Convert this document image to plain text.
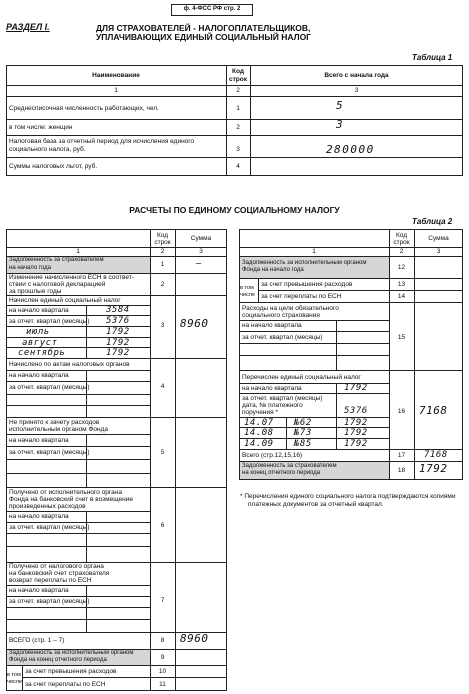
ф. 4-ФСС РФ стр. 2
РАЗДЕЛ I.	ДЛЯ СТРАХОВАТЕЛЕЙ - НАЛОГОПЛАТЕЛЬЩИКОВ,
УПЛАЧИВАЮЩИХ ЕДИНЫЙ СОЦИАЛЬНЫЙ НАЛОГ
Таблица 1
Наименование
Код
строк
Всего с начала года
1	2	3
Среднесписочная численность работающих, чел.	1	5
в том числе: женщин	2	3
Налоговая база за отчетный период для исчисления единого
социального налога, руб.	3	280000
Суммы налоговых льгот, руб.	4
РАСЧЕТЫ ПО ЕДИНОМУ СОЦИАЛЬНОМУ НАЛОГУ
Таблица 2
Код
строк
Сумма
1	2	3
Задолженность за страхователем
на начало года	1	—
Изменение начисленного ЕСН в соответ-
ствии с налоговой декларацией
за прошлые годы
2
Начислен единый социальный налог
на начало квартала	3584
за отчет. квартал (месяцы) 5376
июль	1792
август	1792
сентябрь	1792
3	8960
Начислено по актам налоговых органов
на начало квартала
за отчет. квартал (месяцы)	4
Не принято к зачету расходов
исполнительным органом Фонда
на начало квартала
за отчет. квартал (месяцы)	5
Получено от исполнительного органа
Фонда на банковский счет в возмещение
произведенных расходов
на начало квартала
за отчет. квартал (месяцы)	6
Получено от налогового органа
на банковский счет страхователя
возврат переплаты по ЕСН
на начало квартала
за отчет. квартал (месяцы)	7
ВСЕГО (стр. 1 – 7)	8	8960
Задолженность за исполнительным органом
Фонда на конец отчетного периода	9
в том
числе
за счет превышения расходов	10
за счет переплаты по ЕСН	11
Код
строк
Сумма
1	2	3
Задолженность за исполнительным органом
Фонда на начало года	12
в том
числе
за счет превышения расходов	13
за счет переплаты по ЕСН	14
Расходы на цели обязательного
социального страхования
на начало квартала
за отчет. квартал (месяцы)	15
Перечислен единый социальный налог
на начало квартала	1792
за отчет. квартал (месяцы)
дата, № платежного
поручения *	5376
14.07 №62	1792
14.08 №73	1792
14.09 №85	1792
16	7168
Всего (стр.12,15,16)	17	7168
Задолженность за страхователем
на конец отчетного периода	18	1792
* Перечисления единого социального налога подтверждаются копиями
платежных документов за отчетный квартал.
